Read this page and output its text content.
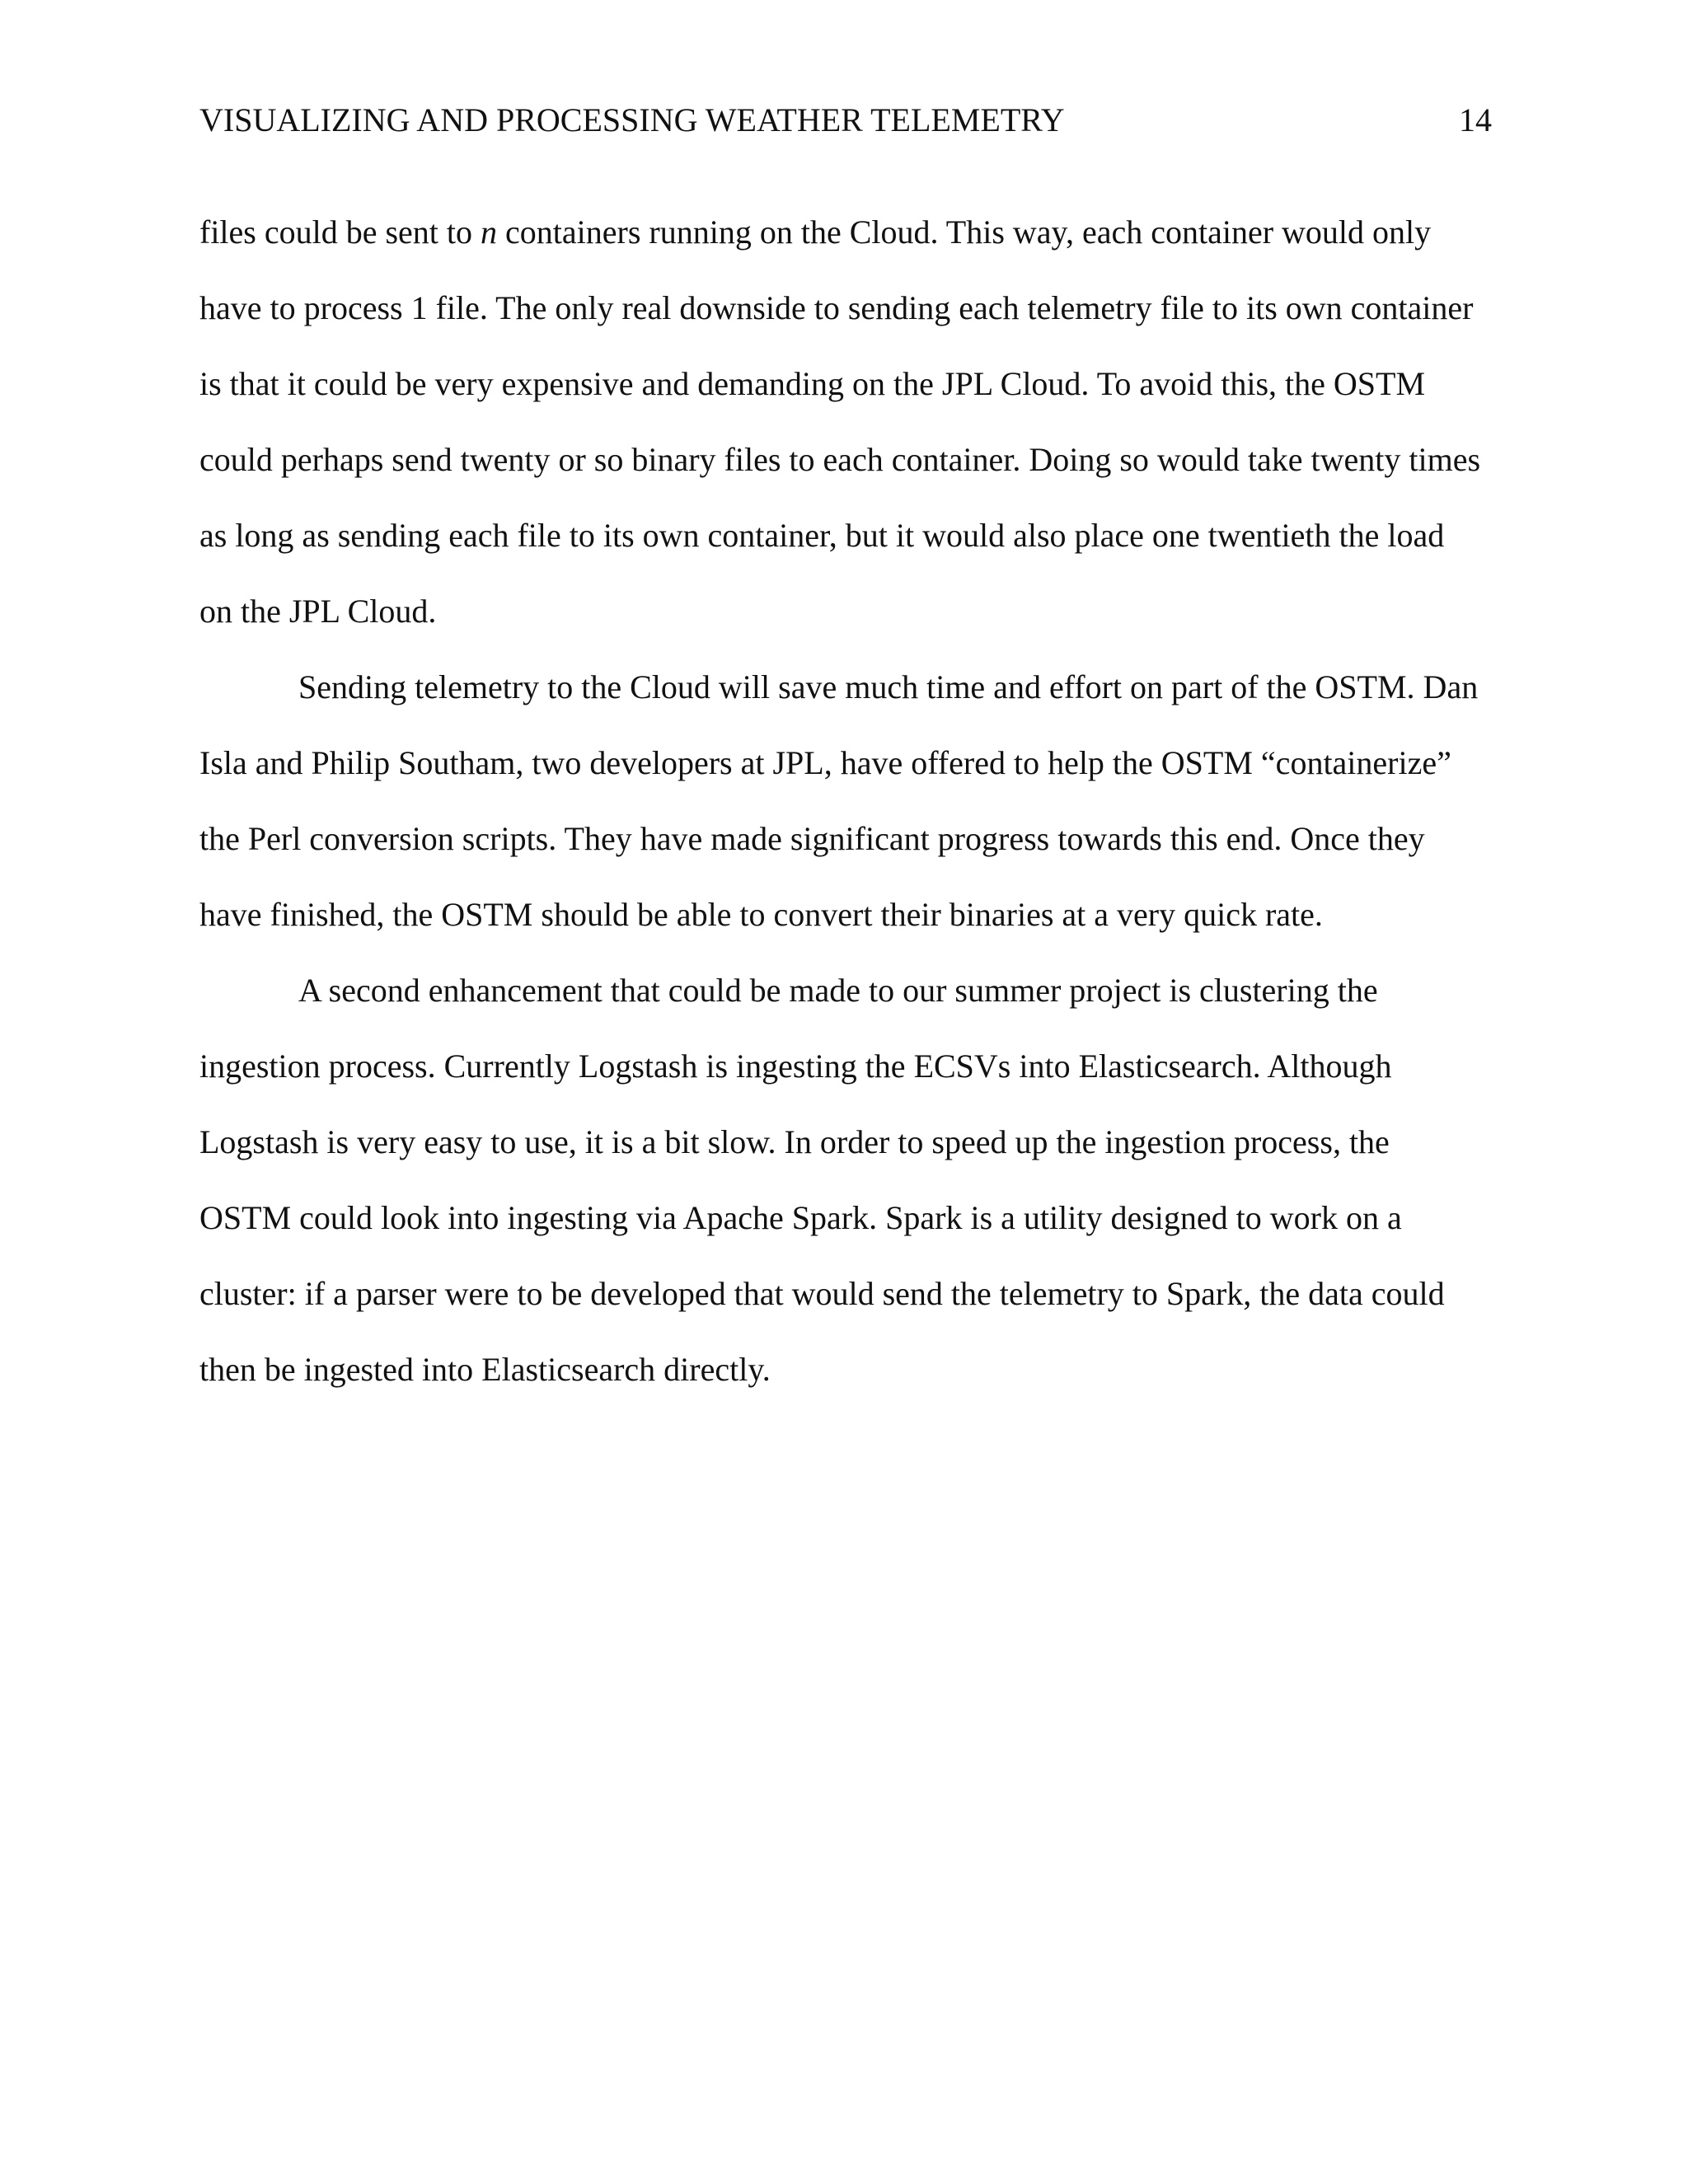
VISUALIZING AND PROCESSING WEATHER TELEMETRY	14
files could be sent to n containers running on the Cloud. This way, each container would only
have to process 1 file. The only real downside to sending each telemetry file to its own container
is that it could be very expensive and demanding on the JPL Cloud. To avoid this, the OSTM
could perhaps send twenty or so binary files to each container. Doing so would take twenty times
as long as sending each file to its own container, but it would also place one twentieth the load
on the JPL Cloud.
Sending telemetry to the Cloud will save much time and effort on part of the OSTM. Dan
Isla and Philip Southam, two developers at JPL, have offered to help the OSTM “containerize”
the Perl conversion scripts. They have made significant progress towards this end. Once they
have finished, the OSTM should be able to convert their binaries at a very quick rate.
A second enhancement that could be made to our summer project is clustering the
ingestion process. Currently Logstash is ingesting the ECSVs into Elasticsearch. Although
Logstash is very easy to use, it is a bit slow. In order to speed up the ingestion process, the
OSTM could look into ingesting via Apache Spark. Spark is a utility designed to work on a
cluster: if a parser were to be developed that would send the telemetry to Spark, the data could
then be ingested into Elasticsearch directly.
